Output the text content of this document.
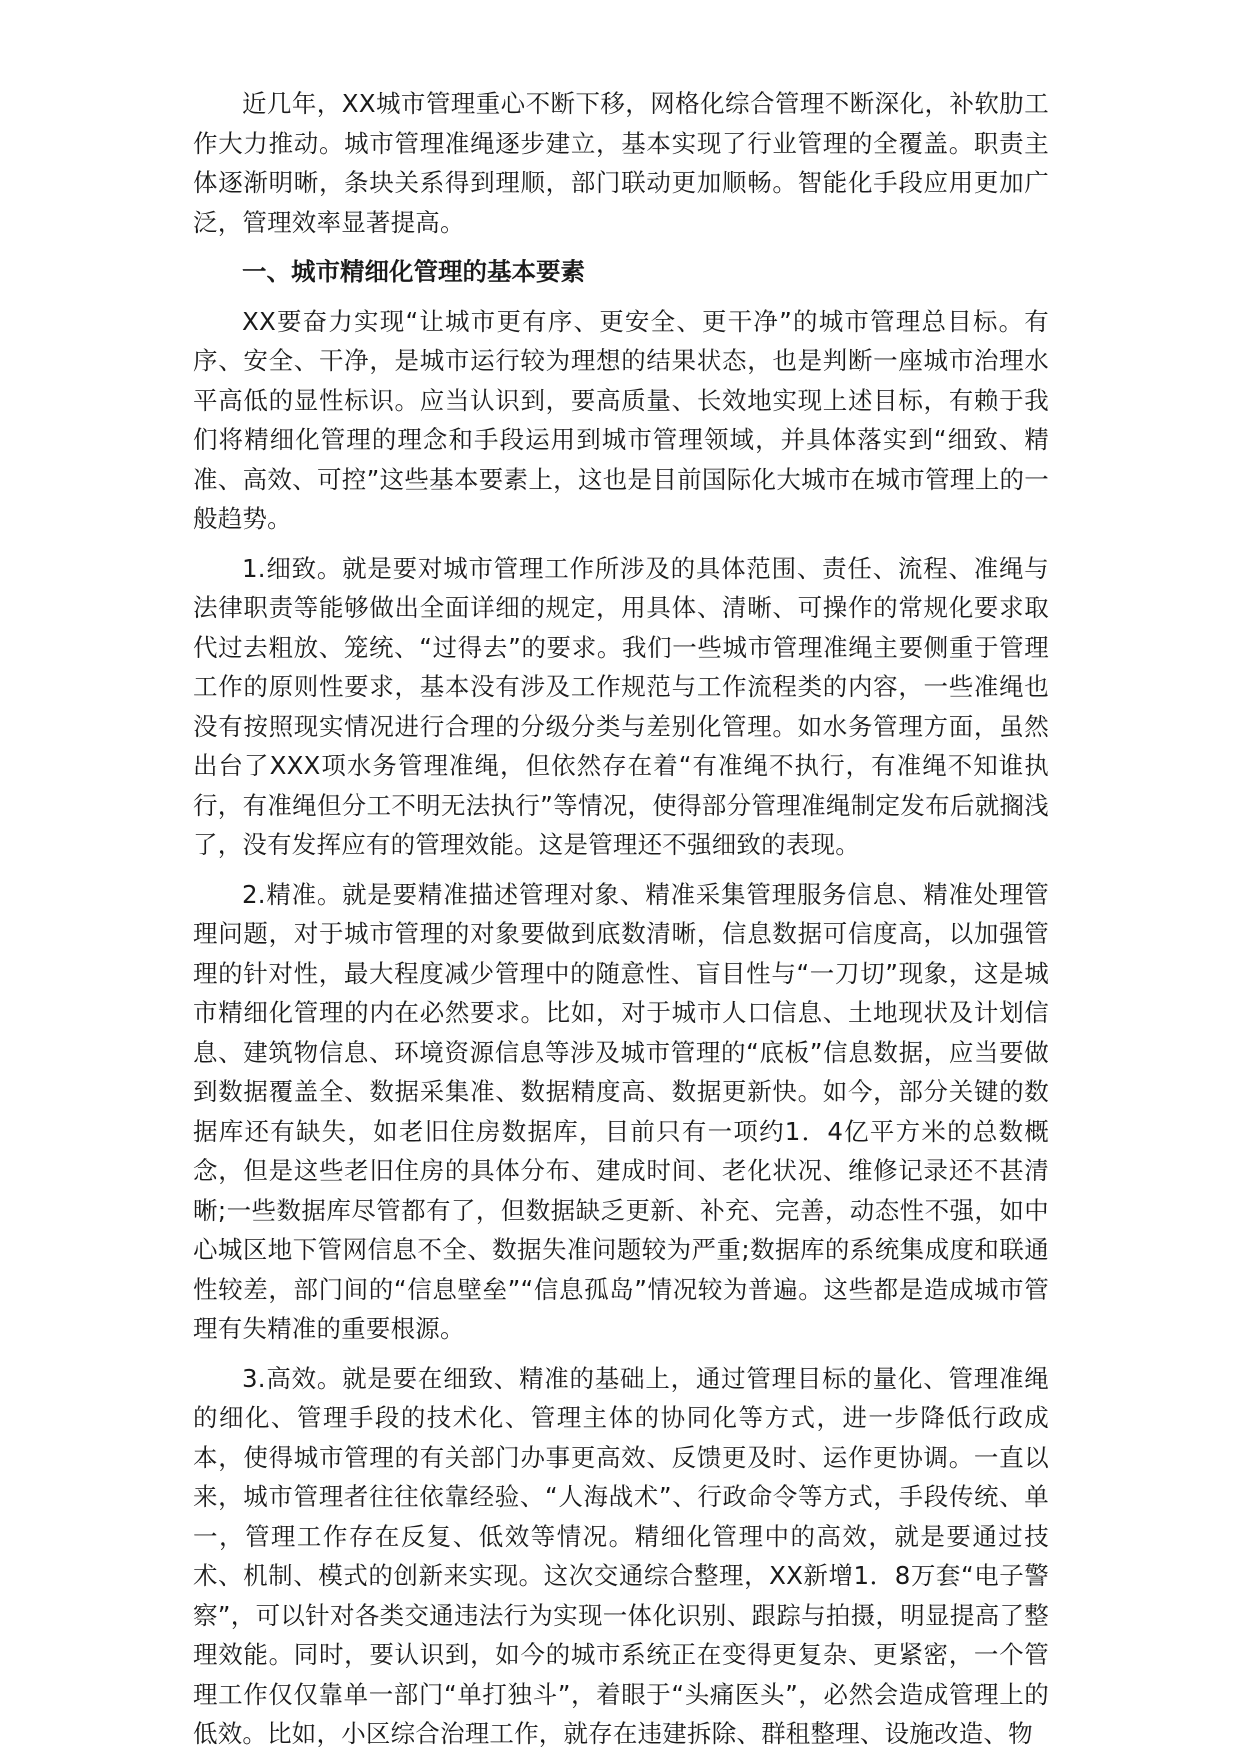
近几年，XX城市管理重心不断下移，网格化综合管理不断深化，补软肋工作大力推动。城市管理准绳逐步建立，基本实现了行业管理的全覆盖。职责主体逐渐明晰，条块关系得到理顺，部门联动更加顺畅。智能化手段应用更加广泛，管理效率显著提高。

一、城市精细化管理的基本要素

XX要奋力实现“让城市更有序、更安全、更干净”的城市管理总目标。有序、安全、干净，是城市运行较为理想的结果状态，也是判断一座城市治理水平高低的显性标识。应当认识到，要高质量、长效地实现上述目标，有赖于我们将精细化管理的理念和手段运用到城市管理领域，并具体落实到“细致、精准、高效、可控”这些基本要素上，这也是目前国际化大城市在城市管理上的一般趋势。

1.细致。就是要对城市管理工作所涉及的具体范围、责任、流程、准绳与法律职责等能够做出全面详细的规定，用具体、清晰、可操作的常规化要求取代过去粗放、笼统、“过得去”的要求。我们一些城市管理准绳主要侧重于管理工作的原则性要求，基本没有涉及工作规范与工作流程类的内容，一些准绳也没有按照现实情况进行合理的分级分类与差别化管理。如水务管理方面，虽然出台了XXX项水务管理准绳，但依然存在着“有准绳不执行，有准绳不知谁执行，有准绳但分工不明无法执行”等情况，使得部分管理准绳制定发布后就搁浅了，没有发挥应有的管理效能。这是管理还不强细致的表现。

2.精准。就是要精准描述管理对象、精准采集管理服务信息、精准处理管理问题，对于城市管理的对象要做到底数清晰，信息数据可信度高，以加强管理的针对性，最大程度减少管理中的随意性、盲目性与“一刀切”现象，这是城市精细化管理的内在必然要求。比如，对于城市人口信息、土地现状及计划信息、建筑物信息、环境资源信息等涉及城市管理的“底板”信息数据，应当要做到数据覆盖全、数据采集准、数据精度高、数据更新快。如今，部分关键的数据库还有缺失，如老旧住房数据库，目前只有一项约1．4亿平方米的总数概念，但是这些老旧住房的具体分布、建成时间、老化状况、维修记录还不甚清晰;一些数据库尽管都有了，但数据缺乏更新、补充、完善，动态性不强，如中心城区地下管网信息不全、数据失准问题较为严重;数据库的系统集成度和联通性较差，部门间的“信息壁垒”“信息孤岛”情况较为普遍。这些都是造成城市管理有失精准的重要根源。

3.高效。就是要在细致、精准的基础上，通过管理目标的量化、管理准绳的细化、管理手段的技术化、管理主体的协同化等方式，进一步降低行政成本，使得城市管理的有关部门办事更高效、反馈更及时、运作更协调。一直以来，城市管理者往往依靠经验、“人海战术”、行政命令等方式，手段传统、单一，管理工作存在反复、低效等情况。精细化管理中的高效，就是要通过技术、机制、模式的创新来实现。这次交通综合整理，XX新增1．8万套“电子警察”，可以针对各类交通违法行为实现一体化识别、跟踪与拍摄，明显提高了整理效能。同时，要认识到，如今的城市系统正在变得更复杂、更紧密，一个管理工作仅仅靠单一部门“单打独斗”，着眼于“头痛医头”，必然会造成管理上的低效。比如，小区综合治理工作，就存在违建拆除、群租整理、设施改造、物
